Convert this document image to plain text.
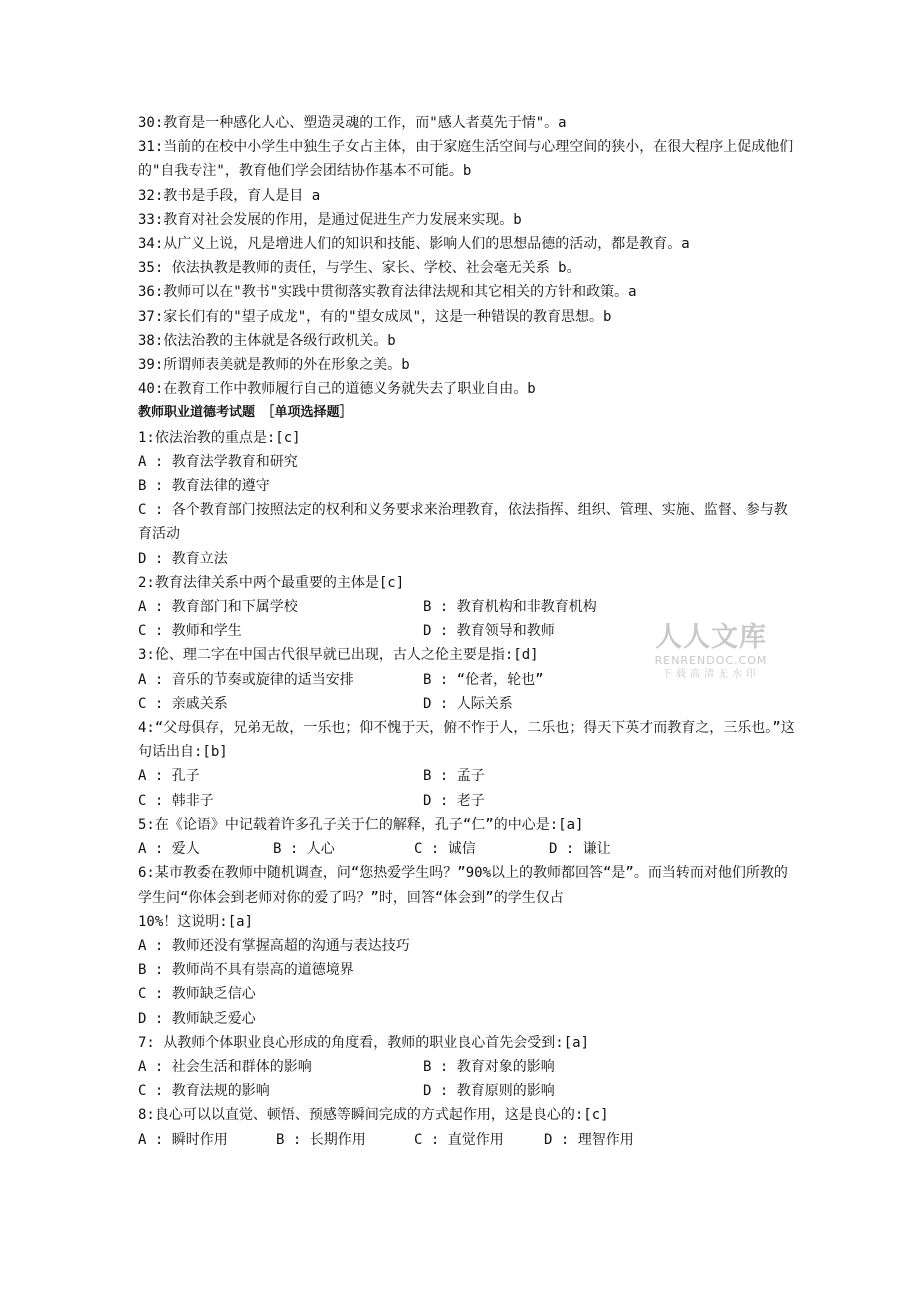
30:教育是一种感化人心、塑造灵魂的工作，而"感人者莫先于情"。a
31:当前的在校中小学生中独生子女占主体，由于家庭生活空间与心理空间的狭小，在很大程序上促成他们的"自我专注"，教育他们学会团结协作基本不可能。b
32:教书是手段，育人是目 a
33:教育对社会发展的作用，是通过促进生产力发展来实现。b
34:从广义上说，凡是增进人们的知识和技能、影响人们的思想品德的活动，都是教育。a
35: 依法执教是教师的责任，与学生、家长、学校、社会毫无关系 b。
36:教师可以在"教书"实践中贯彻落实教育法律法规和其它相关的方针和政策。a
37:家长们有的"望子成龙"，有的"望女成凤"，这是一种错误的教育思想。b
38:依法治教的主体就是各级行政机关。b
39:所谓师表美就是教师的外在形象之美。b
40:在教育工作中教师履行自己的道德义务就失去了职业自由。b
教师职业道德考试题　［单项选择题］
1:依法治教的重点是:[c]
A : 教育法学教育和研究
B : 教育法律的遵守
C : 各个教育部门按照法定的权利和义务要求来治理教育，依法指挥、组织、管理、实施、监督、参与教育活动
D : 教育立法
2:教育法律关系中两个最重要的主体是[c]
A : 教育部门和下属学校	B : 教育机构和非教育机构
C : 教师和学生	D : 教育领导和教师
3:伦、理二字在中国古代很早就已出现，古人之伦主要是指:[d]
A : 音乐的节奏或旋律的适当安排	B : “伦者，轮也”
C : 亲戚关系	D : 人际关系
4:“父母俱存，兄弟无故，一乐也；仰不愧于天，俯不怍于人，二乐也；得天下英才而教育之，三乐也。”这句话出自:[b]
A : 孔子	B : 孟子
C : 韩非子	D : 老子
5:在《论语》中记载着许多孔子关于仁的解释，孔子“仁”的中心是:[a]
A : 爱人	B : 人心	C : 诚信	D : 谦让
6:某市教委在教师中随机调查，问“您热爱学生吗？”90%以上的教师都回答“是”。而当转而对他们所教的学生问“你体会到老师对你的爱了吗？”时，回答“体会到”的学生仅占
10%！这说明:[a]
A : 教师还没有掌握高超的沟通与表达技巧
B : 教师尚不具有崇高的道德境界
C : 教师缺乏信心
D : 教师缺乏爱心
7: 从教师个体职业良心形成的角度看，教师的职业良心首先会受到:[a]
A : 社会生活和群体的影响	B : 教育对象的影响
C : 教育法规的影响	D : 教育原则的影响
8:良心可以以直觉、顿悟、预感等瞬间完成的方式起作用，这是良心的:[c]
A : 瞬时作用	B : 长期作用	C : 直觉作用	D : 理智作用
人人文库
RENRENDOC.COM
下载高清无水印
